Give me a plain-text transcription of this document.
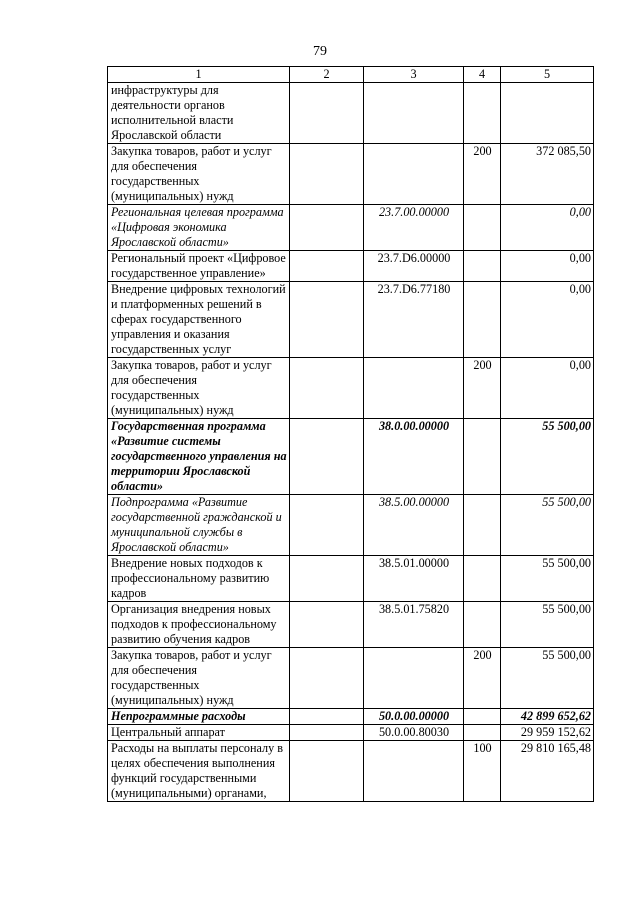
79
1	2	3	4	5
инфраструктуры для деятельности органов исполнительной власти Ярославской области				
Закупка товаров, работ и услуг для обеспечения государственных (муниципальных) нужд			200	372 085,50
Региональная целевая программа «Цифровая экономика Ярославской области»		23.7.00.00000		0,00
Региональный проект «Цифровое государственное управление»		23.7.D6.00000		0,00
Внедрение цифровых технологий и платформенных решений в сферах государственного управления и оказания государственных услуг		23.7.D6.77180		0,00
Закупка товаров, работ и услуг для обеспечения государственных (муниципальных) нужд			200	0,00
Государственная программа «Развитие системы государственного управления на территории Ярославской области»		38.0.00.00000		55 500,00
Подпрограмма «Развитие государственной гражданской и муниципальной службы в Ярославской области»		38.5.00.00000		55 500,00
Внедрение новых подходов к профессиональному развитию кадров		38.5.01.00000		55 500,00
Организация внедрения новых подходов к профессиональному развитию обучения кадров		38.5.01.75820		55 500,00
Закупка товаров, работ и услуг для обеспечения государственных (муниципальных) нужд			200	55 500,00
Непрограммные расходы		50.0.00.00000		42 899 652,62
Центральный аппарат		50.0.00.80030		29 959 152,62
Расходы на выплаты персоналу в целях обеспечения выполнения функций государственными (муниципальными) органами,			100	29 810 165,48
